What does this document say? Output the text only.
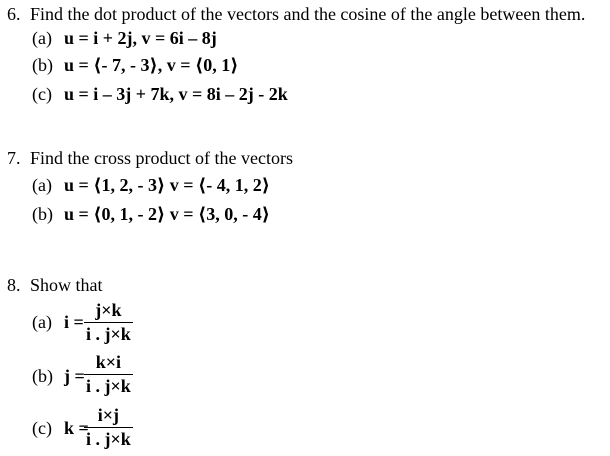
6. Find the dot product of the vectors and the cosine of the angle between them.
(a) u = i + 2j, v = 6i – 8j
(b) u = ⟨- 7, - 3⟩, v = ⟨0, 1⟩
(c) u = i – 3j + 7k, v = 8i – 2j - 2k
7. Find the cross product of the vectors
(a) u = ⟨1, 2, - 3⟩ v = ⟨- 4, 1, 2⟩
(b) u = ⟨0, 1, - 2⟩ v = ⟨3, 0, - 4⟩
8. Show that
(a) i =
j×k
i . j×k
(b) j =
k×i
i . j×k
(c) k =
i×j
i . j×k
